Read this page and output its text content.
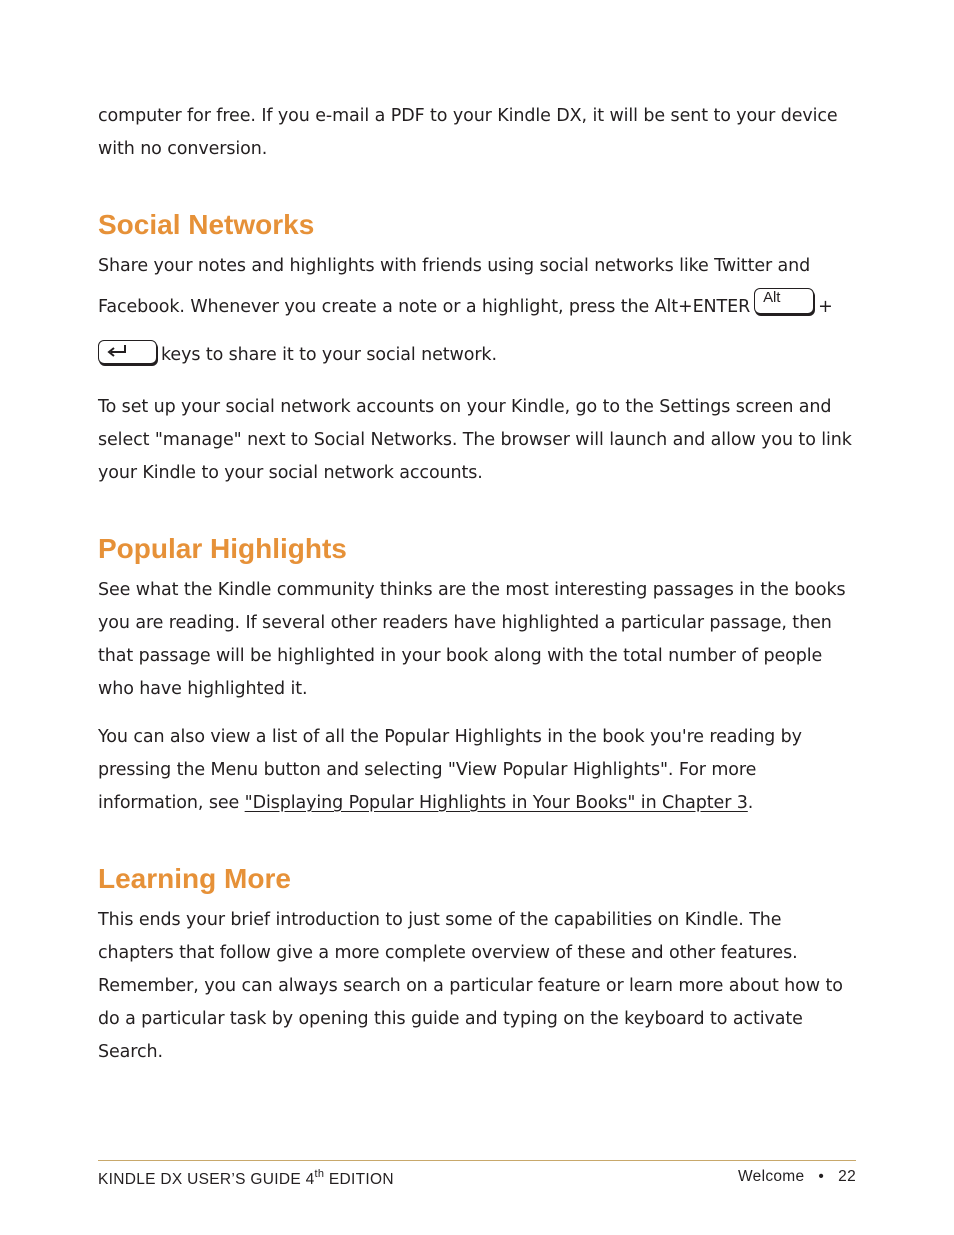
computer for free. If you e-mail a PDF to your Kindle DX, it will be sent to your device with no conversion.

Social Networks

Share your notes and highlights with friends using social networks like Twitter and
Facebook. Whenever you create a note or a highlight, press the Alt+ENTER Alt +

keys to share it to your social network.

To set up your social network accounts on your Kindle, go to the Settings screen and select "manage" next to Social Networks. The browser will launch and allow you to link your Kindle to your social network accounts.

Popular Highlights

See what the Kindle community thinks are the most interesting passages in the books you are reading. If several other readers have highlighted a particular passage, then that passage will be highlighted in your book along with the total number of people who have highlighted it.

You can also view a list of all the Popular Highlights in the book you're reading by pressing the Menu button and selecting "View Popular Highlights". For more information, see "Displaying Popular Highlights in Your Books" in Chapter 3.

Learning More

This ends your brief introduction to just some of the capabilities on Kindle. The chapters that follow give a more complete overview of these and other features. Remember, you can always search on a particular feature or learn more about how to do a particular task by opening this guide and typing on the keyboard to activate Search.

KINDLE DX USER’S GUIDE 4th EDITION	Welcome • 22
